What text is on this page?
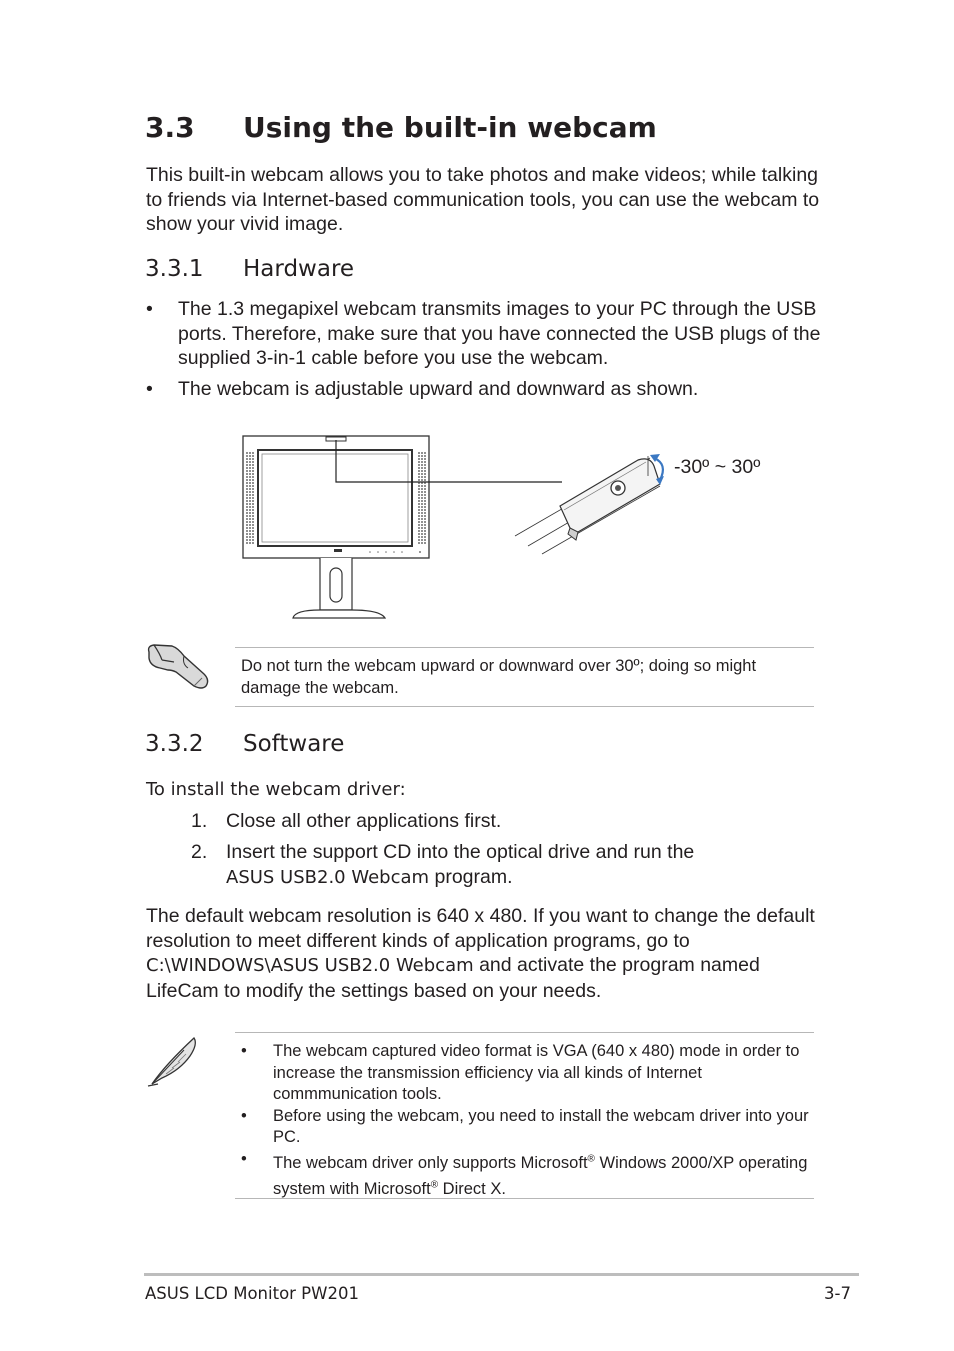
3.3 Using the built-in webcam
This built-in webcam allows you to take photos and make videos; while talking to friends via Internet-based communication tools, you can use the webcam to show your vivid image.
3.3.1 Hardware
• The 1.3 megapixel webcam transmits images to your PC through the USB ports. Therefore, make sure that you have connected the USB plugs of the supplied 3-in-1 cable before you use the webcam.
• The webcam is adjustable upward and downward as shown.
-30º ~ 30º
Do not turn the webcam upward or downward over 30º; doing so might damage the webcam.
3.3.2 Software
To install the webcam driver:
1. Close all other applications first.
2. Insert the support CD into the optical drive and run the
ASUS USB2.0 Webcam program.
The default webcam resolution is 640 x 480. If you want to change the default resolution to meet different kinds of application programs, go to C:\WINDOWS\ASUS USB2.0 Webcam and activate the program named LifeCam to modify the settings based on your needs.
• The webcam captured video format is VGA (640 x 480) mode in order to increase the transmission efficiency via all kinds of Internet commmunication tools.
• Before using the webcam, you need to install the webcam driver into your PC.
• The webcam driver only supports Microsoft® Windows 2000/XP operating system with Microsoft® Direct X.
ASUS LCD Monitor PW201	3-7
